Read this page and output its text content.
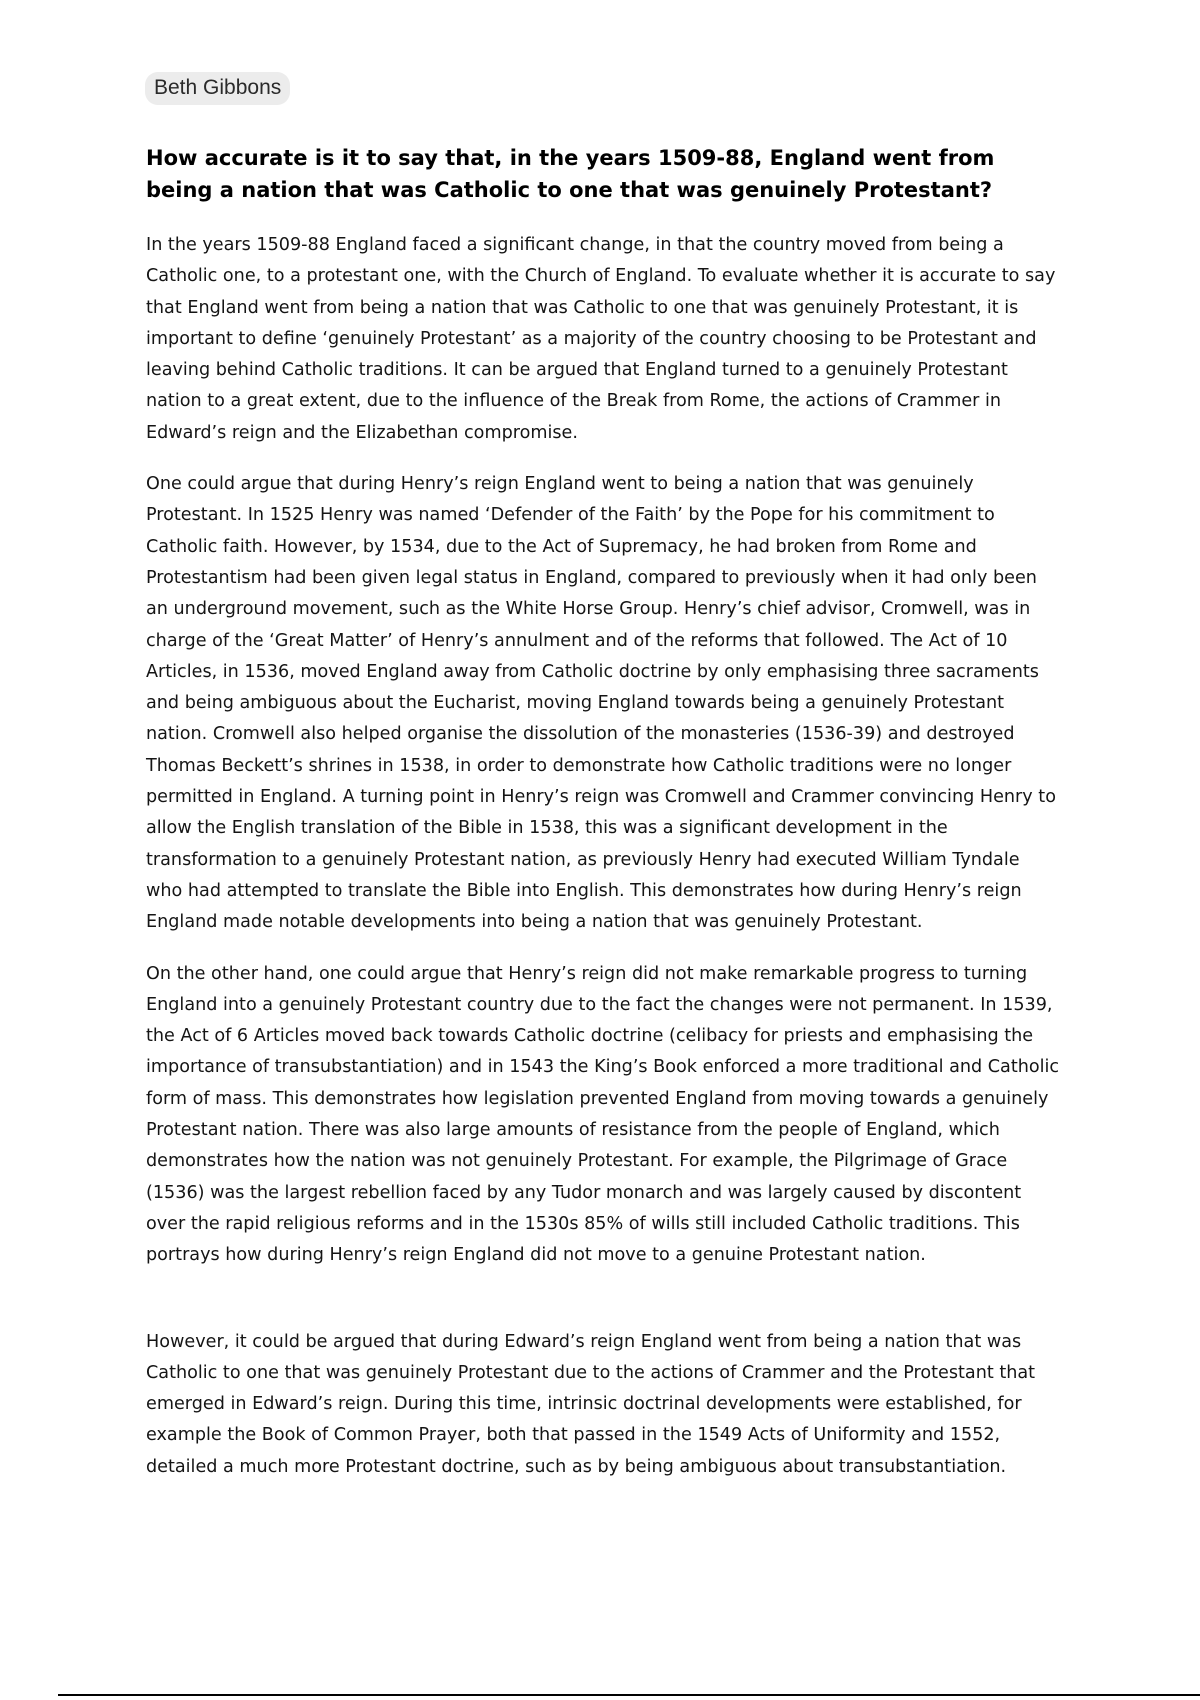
Beth Gibbons
How accurate is it to say that, in the years 1509-88, England went from being a nation that was Catholic to one that was genuinely Protestant?

In the years 1509-88 England faced a significant change, in that the country moved from being a Catholic one, to a protestant one, with the Church of England. To evaluate whether it is accurate to say that England went from being a nation that was Catholic to one that was genuinely Protestant, it is important to define ‘genuinely Protestant’ as a majority of the country choosing to be Protestant and leaving behind Catholic traditions. It can be argued that England turned to a genuinely Protestant nation to a great extent, due to the influence of the Break from Rome, the actions of Crammer in Edward’s reign and the Elizabethan compromise.

One could argue that during Henry’s reign England went to being a nation that was genuinely Protestant. In 1525 Henry was named ‘Defender of the Faith’ by the Pope for his commitment to Catholic faith. However, by 1534, due to the Act of Supremacy, he had broken from Rome and Protestantism had been given legal status in England, compared to previously when it had only been an underground movement, such as the White Horse Group. Henry’s chief advisor, Cromwell, was in charge of the ‘Great Matter’ of Henry’s annulment and of the reforms that followed. The Act of 10 Articles, in 1536, moved England away from Catholic doctrine by only emphasising three sacraments and being ambiguous about the Eucharist, moving England towards being a genuinely Protestant nation. Cromwell also helped organise the dissolution of the monasteries (1536-39) and destroyed Thomas Beckett’s shrines in 1538, in order to demonstrate how Catholic traditions were no longer permitted in England. A turning point in Henry’s reign was Cromwell and Crammer convincing Henry to allow the English translation of the Bible in 1538, this was a significant development in the transformation to a genuinely Protestant nation, as previously Henry had executed William Tyndale who had attempted to translate the Bible into English. This demonstrates how during Henry’s reign England made notable developments into being a nation that was genuinely Protestant.

On the other hand, one could argue that Henry’s reign did not make remarkable progress to turning England into a genuinely Protestant country due to the fact the changes were not permanent. In 1539, the Act of 6 Articles moved back towards Catholic doctrine (celibacy for priests and emphasising the importance of transubstantiation) and in 1543 the King’s Book enforced a more traditional and Catholic form of mass. This demonstrates how legislation prevented England from moving towards a genuinely Protestant nation. There was also large amounts of resistance from the people of England, which demonstrates how the nation was not genuinely Protestant. For example, the Pilgrimage of Grace (1536) was the largest rebellion faced by any Tudor monarch and was largely caused by discontent over the rapid religious reforms and in the 1530s 85% of wills still included Catholic traditions. This portrays how during Henry’s reign England did not move to a genuine Protestant nation.

However, it could be argued that during Edward’s reign England went from being a nation that was Catholic to one that was genuinely Protestant due to the actions of Crammer and the Protestant that emerged in Edward’s reign. During this time, intrinsic doctrinal developments were established, for example the Book of Common Prayer, both that passed in the 1549 Acts of Uniformity and 1552, detailed a much more Protestant doctrine, such as by being ambiguous about transubstantiation.
